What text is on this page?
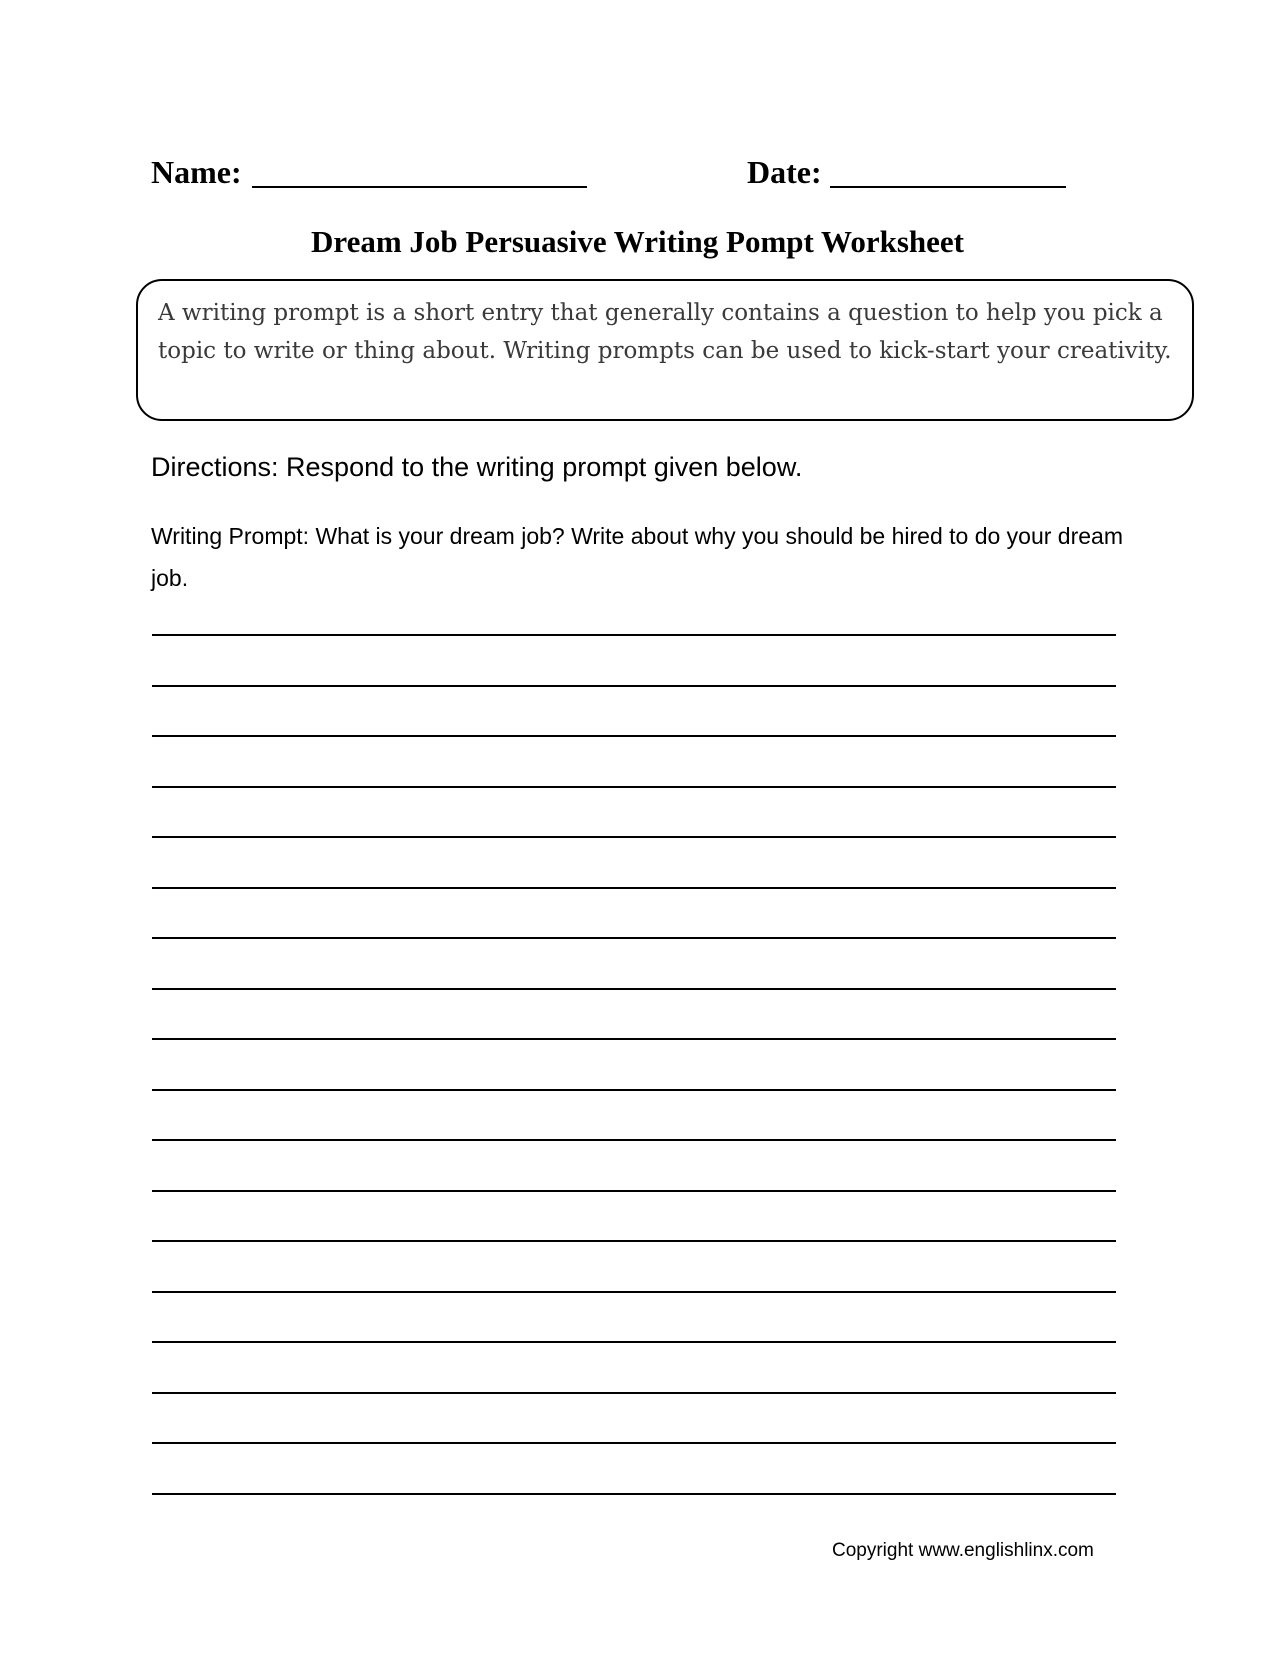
Name:	Date:
Dream Job Persuasive Writing Pompt Worksheet
A writing prompt is a short entry that generally contains a question to help you pick a topic to write or thing about. Writing prompts can be used to kick-start your creativity.
Directions: Respond to the writing prompt given below.
Writing Prompt: What is your dream job? Write about why you should be hired to do your dream job.
Copyright www.englishlinx.com
